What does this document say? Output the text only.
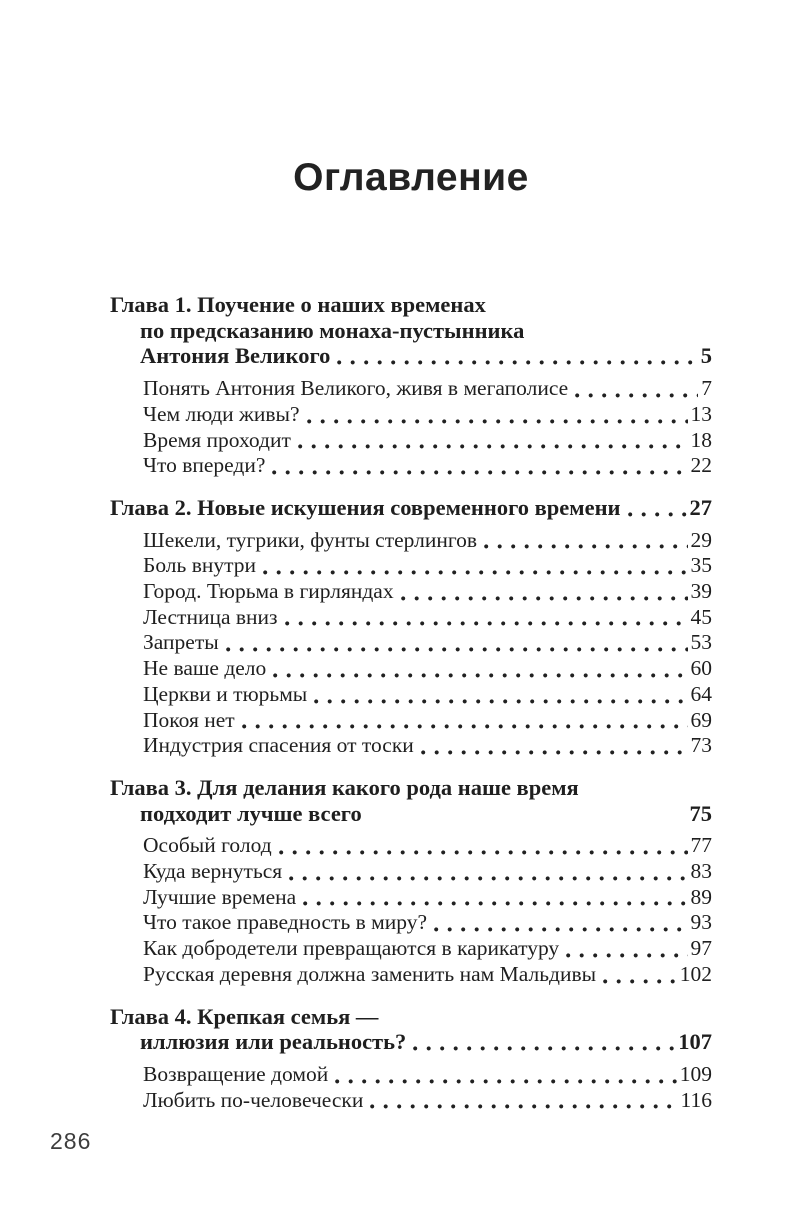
Оглавление
Глава 1. Поучение о наших временах
по предсказанию монаха-пустынника
Антония Великого	5
Понять Антония Великого, живя в мегаполисе	7
Чем люди живы?	13
Время проходит	18
Что впереди?	22
Глава 2. Новые искушения современного времени	27
Шекели, тугрики, фунты стерлингов	29
Боль внутри	35
Город. Тюрьма в гирляндах	39
Лестница вниз	45
Запреты	53
Не ваше дело	60
Церкви и тюрьмы	64
Покоя нет	69
Индустрия спасения от тоски	73
Глава 3. Для делания какого рода наше время
подходит лучше всего	75
Особый голод	77
Куда вернуться	83
Лучшие времена	89
Что такое праведность в миру?	93
Как добродетели превращаются в карикатуру	97
Русская деревня должна заменить нам Мальдивы	102
Глава 4. Крепкая семья —
иллюзия или реальность?	107
Возвращение домой	109
Любить по-человечески	116
286
